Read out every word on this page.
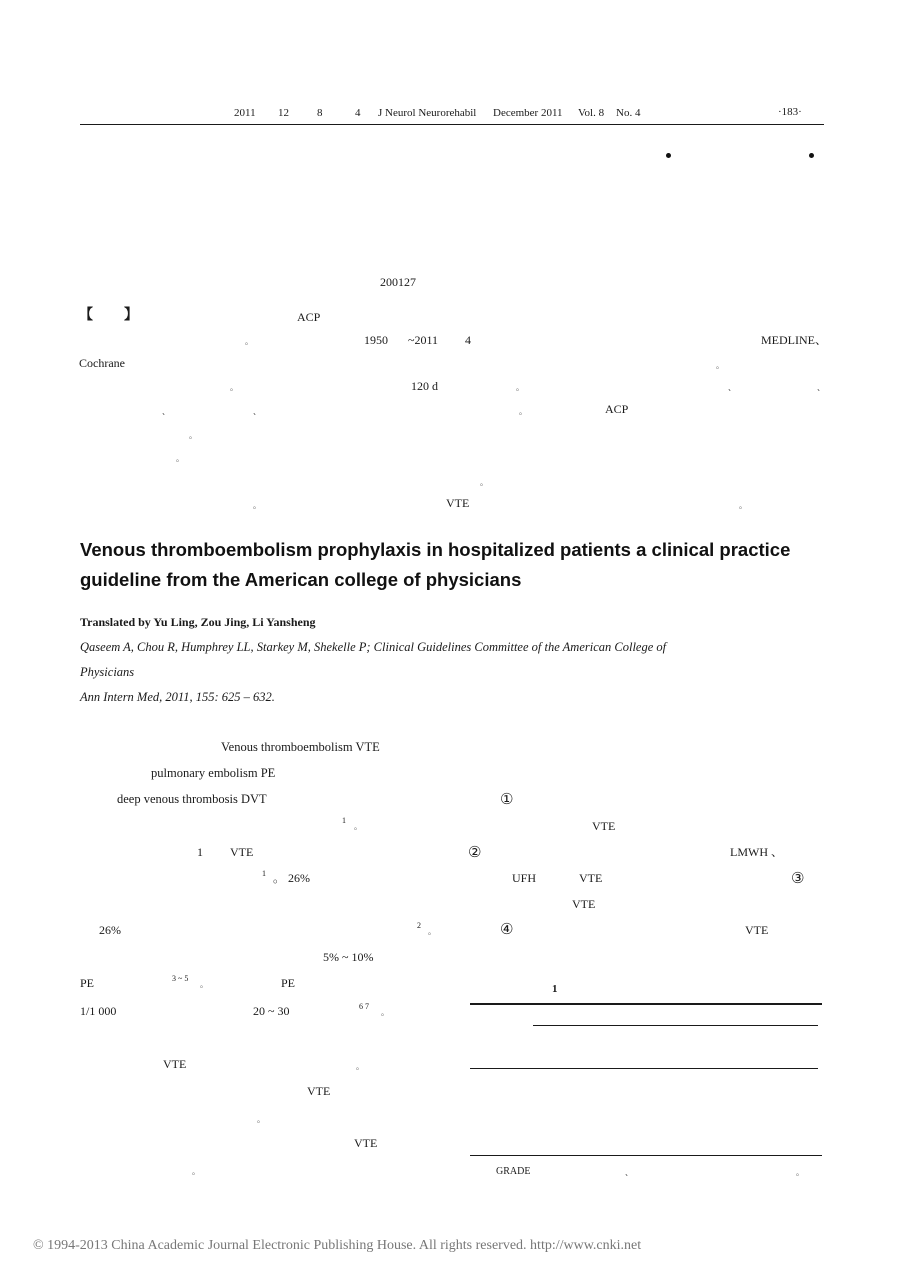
2011 12	8	4 J Neurol Neurorehabil December 2011 Vol. 8 No. 4	·183·
200127
【 】	ACP
。	1950 ~2011 4	MEDLINE、
Cochrane	。
。	120 d	。	、	、
、	、	。	ACP
。
。
。
。	VTE	。
Venous thromboembolism prophylaxis in hospitalized patients a clinical practice
guideline from the American college of physicians
Translated by Yu Ling, Zou Jing, Li Yansheng
Qaseem A, Chou R, Humphrey LL, Starkey M, Shekelle P; Clinical Guidelines Committee of the American College of
Physicians
Ann Intern Med, 2011, 155: 625 – 632.
Venous thromboembolism VTE
pulmonary embolism PE
deep venous thrombosis DVT
1
。
1 VTE
1 。 26%
26%	2
。
5% ~ 10%
PE	3 ~ 5
。	PE
1/1 000	20 ~ 30	6 7
。
VTE	。
VTE
。
VTE
。
①
VTE
②	LMWH 、
UFH	VTE	③
VTE
④	VTE
1
GRADE	、	。
© 1994-2013 China Academic Journal Electronic Publishing House. All rights reserved. http://www.cnki.net
